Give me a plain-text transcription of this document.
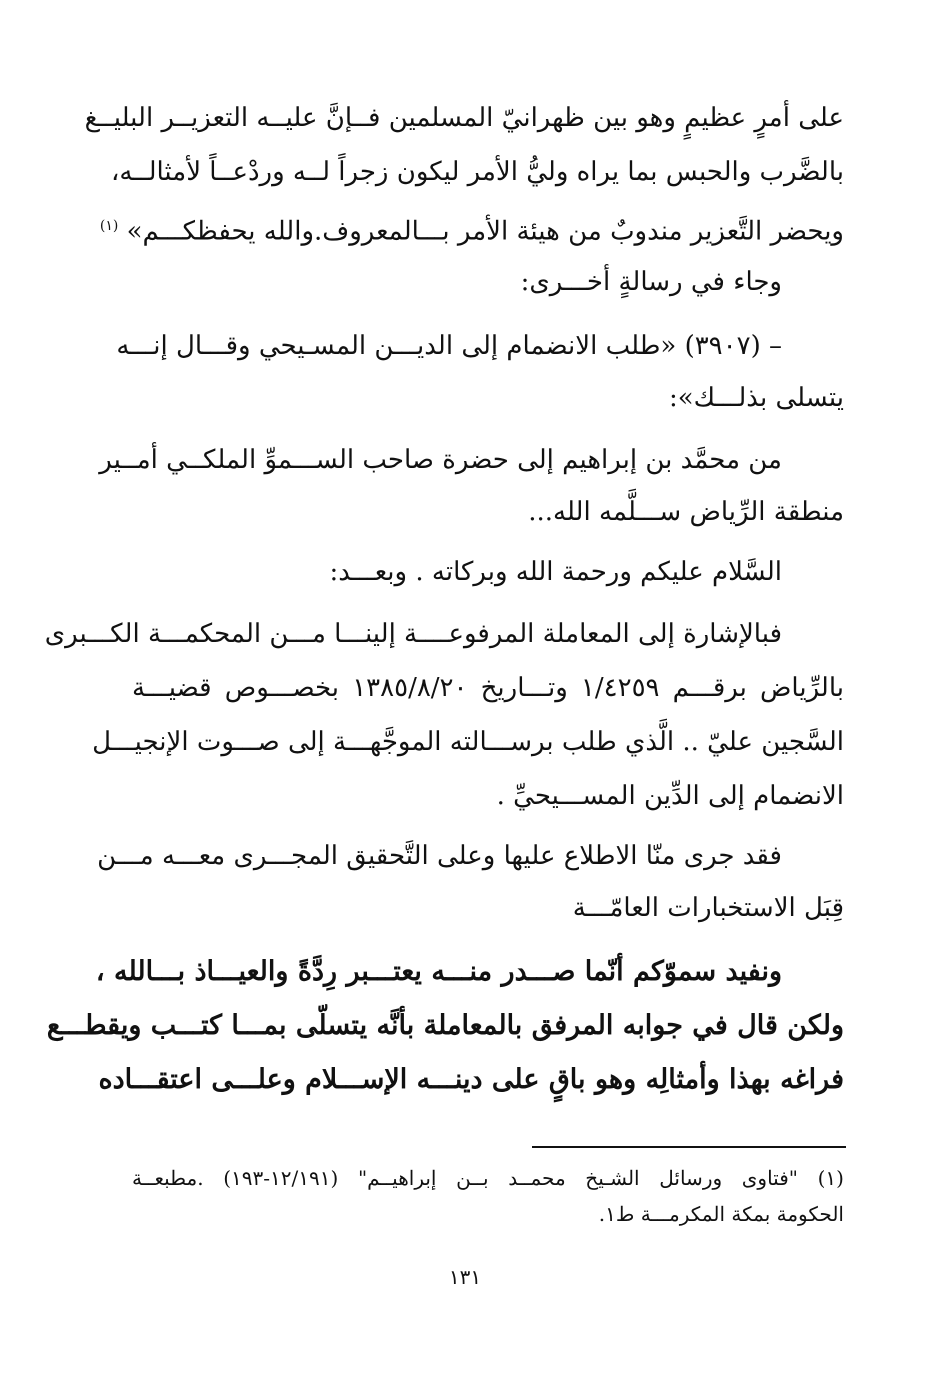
على أمرٍ عظيمٍ وهو بين ظهرانيّ المسلمين فــإنَّ عليــه التعزيــر البليــغ
بالضَّرب والحبس بما يراه وليُّ الأمر ليكون زجراً لــه وردْعــاً لأمثالــه،
ويحضر التَّعزير مندوبٌ من هيئة الأمر بـــالمعروف.والله يحفظكـــم» $^{(١)}$
وجاء في رسالةٍ أخـــرى:
– (٣٩٠٧) «طلب الانضمام إلى الديـــن المسـيحي وقـــال إنـــه
يتسلى بذلـــك»:
من محمَّد بن إبراهيم إلى حضرة صاحب الســـموِّ الملكــي أمــير
منطقة الرِّياض ســـلَّمه الله...
السَّلام عليكم ورحمة الله وبركاته . وبعـــد:
فبالإشارة إلى المعاملة المرفوعــــة إلينـــا مـــن المحكمـــة الكـــبرى
بالرِّياض برقـــم ١/٤٢٥٩ وتـــاريخ ١٣٨٥/٨/٢٠ بخصـــوص قضيـــة
السَّجين عليّ .. الَّذي طلب برســـالته الموجَّهـــة إلى صـــوت الإنجيـــل
الانضمام إلى الدِّين المســـيحيِّ .
فقد جرى منّا الاطلاع عليها وعلى التَّحقيق المجـــرى معـــه مـــن
قِبَل الاستخبارات العامّـــة
ونفيد سموّكم أنّما صـــدر منـــه يعتـــبر رِدَّةً والعيـــاذ بـــالله ،
ولكن قال في جوابه المرفق بالمعاملة بأنَّه يتسلّى بمـــا كتـــب ويقطـــع
فراغه بهذا وأمثالِه وهو باقٍ على دينـــه الإســـلام وعلـــى اعتقـــاده
(١) "فتاوى ورسائل الشـيخ محمــد بــن إبراهيــم" (١٢/١٩١-١٩٣) .مطبعــة
الحكومة بمكة المكرمـــة ط١.
١٣١
